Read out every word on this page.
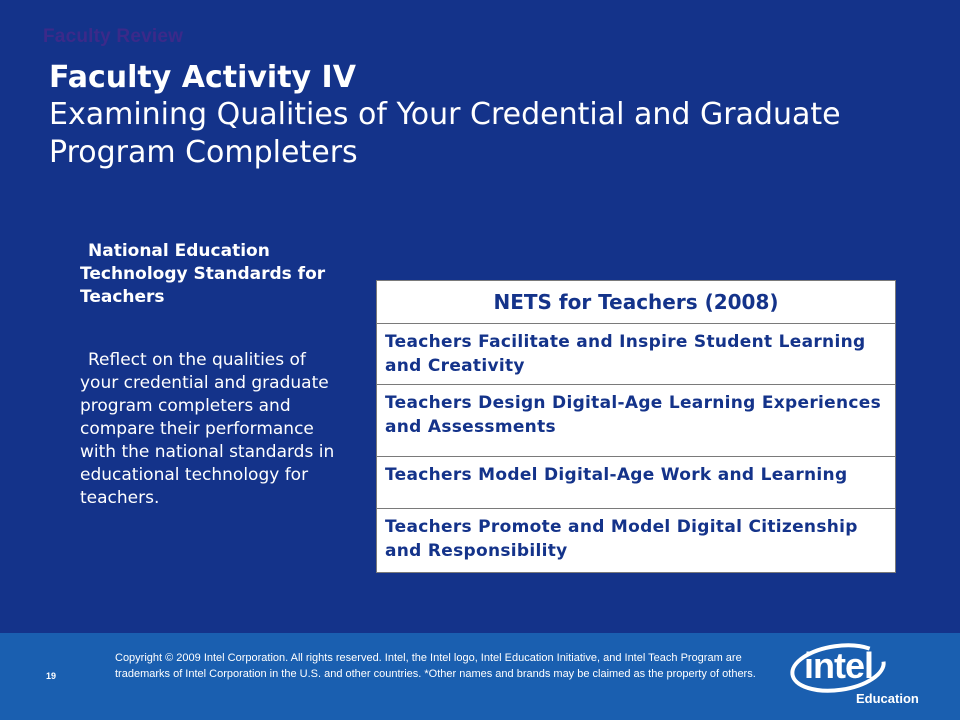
Faculty Review
Faculty Activity IV
Examining Qualities of Your Credential and Graduate Program Completers
National Education Technology Standards for Teachers
Reflect on the qualities of your credential and graduate program completers and compare their performance with the national standards in educational technology for teachers.
NETS for Teachers (2008)
Teachers Facilitate and Inspire Student Learning and Creativity
Teachers Design Digital-Age Learning Experiences and Assessments
Teachers Model Digital-Age Work and Learning
Teachers Promote and Model Digital Citizenship and Responsibility
19
Copyright © 2009 Intel Corporation. All rights reserved. Intel, the Intel logo, Intel Education Initiative, and Intel Teach Program are trademarks of Intel Corporation in the U.S. and other countries. *Other names and brands may be claimed as the property of others. intel
Education
